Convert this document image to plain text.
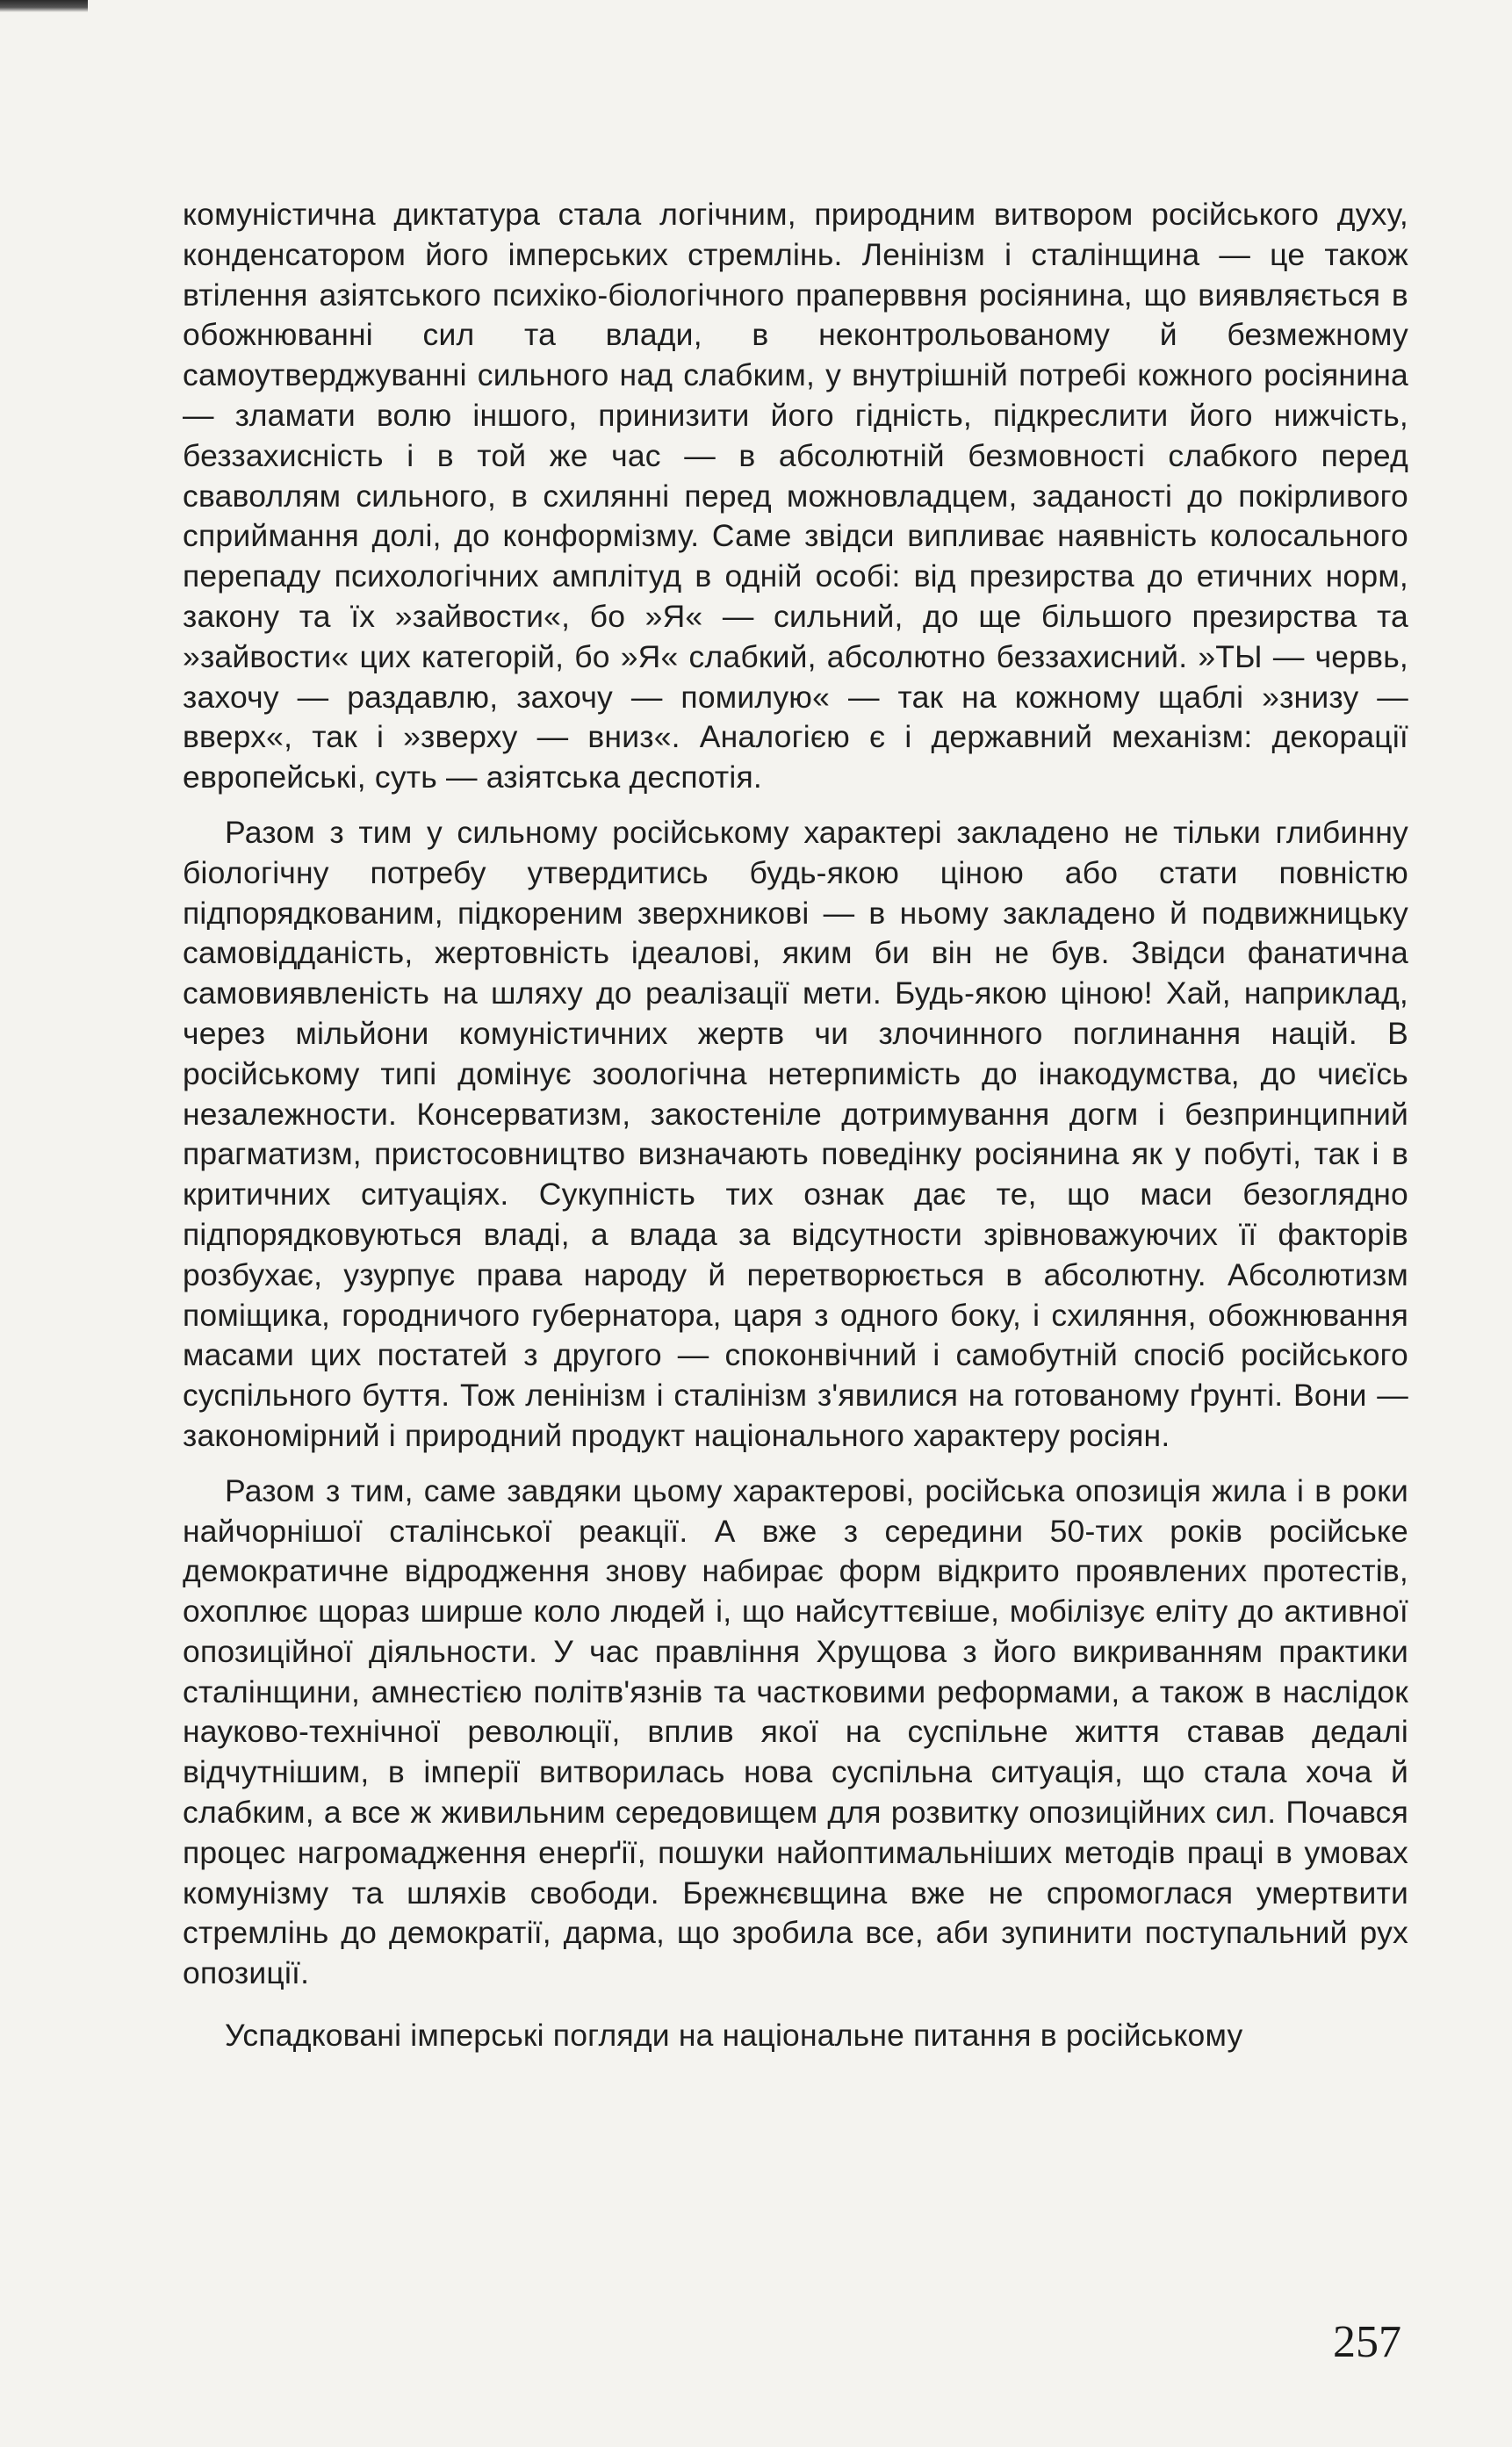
комуністична диктатура стала логічним, природним витвором російського духу, конденсатором його імперських стремлінь. Ленінізм і сталінщина — це також втілення азіятського психіко-біологічного праперввня росіянина, що виявляється в обожнюванні сил та влади, в неконтрольованому й безмежному самоутверджуванні сильного над слабким, у внутрішній потребі кожного росіянина — зламати волю іншого, принизити його гідність, підкреслити його нижчість, беззахисність і в той же час — в абсолютній безмовності слабкого перед сваволлям сильного, в схилянні перед можновладцем, заданості до покірливого сприймання долі, до конформізму. Саме звідси випливає наявність колосального перепаду психологічних амплітуд в одній особі: від презирства до етичних норм, закону та їх »зайвости«, бо »Я« — сильний, до ще більшого презирства та »зайвости« цих категорій, бо »Я« слабкий, абсолютно беззахисний. »ТЫ — червь, захочу — раздавлю, захочу — помилую« — так на кожному щаблі »знизу — вверх«, так і »зверху — вниз«. Аналогією є і державний механізм: декорації европейські, суть — азіятська деспотія.

Разом з тим у сильному російському характері закладено не тільки глибинну біологічну потребу утвердитись будь-якою ціною або стати повністю підпорядкованим, підкореним зверхникові — в ньому закладено й подвижницьку самовідданість, жертовність ідеалові, яким би він не був. Звідси фанатична самовиявленість на шляху до реалізації мети. Будь-якою ціною! Хай, наприклад, через мільйони комуністичних жертв чи злочинного поглинання націй. В російському типі домінує зоологічна нетерпимість до інакодумства, до чиєїсь незалежности. Консерватизм, закостеніле дотримування догм і безпринципний прагматизм, пристосовництво визначають поведінку росіянина як у побуті, так і в критичних ситуаціях. Сукупність тих ознак дає те, що маси безоглядно підпорядковуються владі, а влада за відсутности зрівноважуючих її факторів розбухає, узурпує права народу й перетворюється в абсолютну. Абсолютизм поміщика, городничого губернатора, царя з одного боку, і схиляння, обожнювання масами цих постатей з другого — споконвічний і самобутній спосіб російського суспільного буття. Тож ленінізм і сталінізм з'явилися на готованому ґрунті. Вони — закономірний і природний продукт національного характеру росіян.

Разом з тим, саме завдяки цьому характерові, російська опозиція жила і в роки найчорнішої сталінської реакції. А вже з середини 50-тих років російське демократичне відродження знову набирає форм відкрито проявлених протестів, охоплює щораз ширше коло людей і, що найсуттєвіше, мобілізує еліту до активної опозиційної діяльности. У час правління Хрущова з його викриванням практики сталінщини, амнестією політв'язнів та частковими реформами, а також в наслідок науково-технічної революції, вплив якої на суспільне життя ставав дедалі відчутнішим, в імперії витворилась нова суспільна ситуація, що стала хоча й слабким, а все ж живильним середовищем для розвитку опозиційних сил. Почався процес нагромадження енерґії, пошуки найоптимальніших методів праці в умовах комунізму та шляхів свободи. Брежнєвщина вже не спромоглася умертвити стремлінь до демократії, дарма, що зробила все, аби зупинити поступальний рух опозиції.

Успадковані імперські погляди на національне питання в російському

257
